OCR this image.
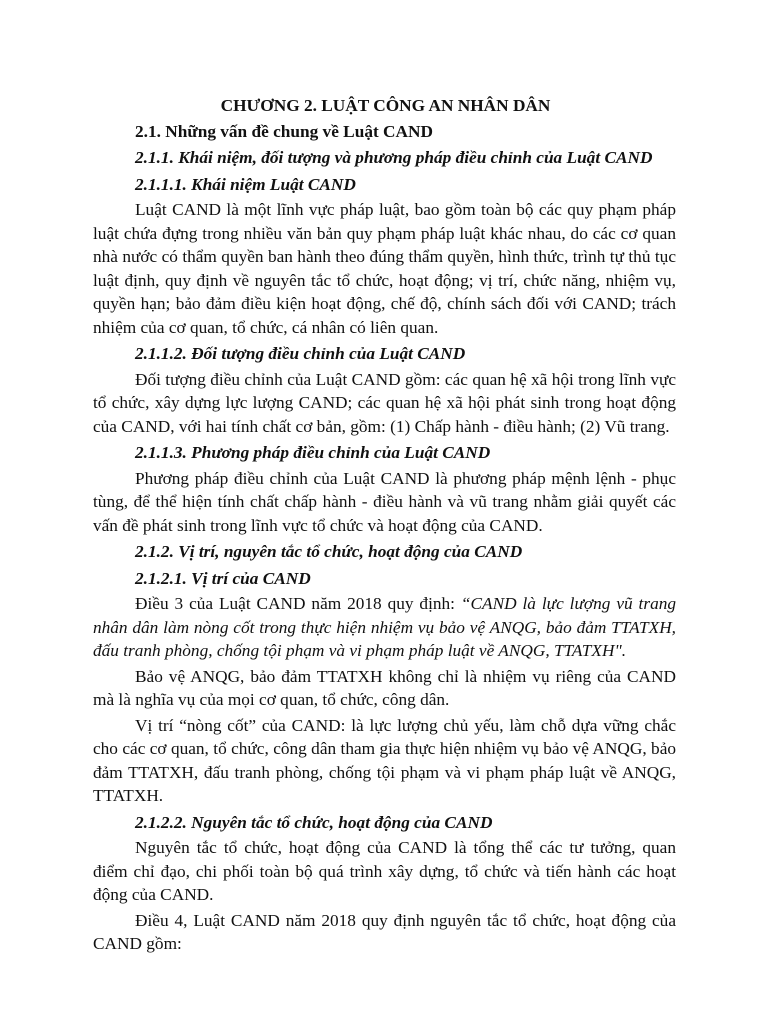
CHƯƠNG 2. LUẬT CÔNG AN NHÂN DÂN
2.1. Những vấn đề chung về Luật CAND
2.1.1. Khái niệm, đối tượng và phương pháp điều chỉnh của Luật CAND
2.1.1.1. Khái niệm Luật CAND
Luật CAND là một lĩnh vực pháp luật, bao gồm toàn bộ các quy phạm pháp luật chứa đựng trong nhiều văn bản quy phạm pháp luật khác nhau, do các cơ quan nhà nước có thẩm quyền ban hành theo đúng thẩm quyền, hình thức, trình tự thủ tục luật định, quy định về nguyên tắc tổ chức, hoạt động; vị trí, chức năng, nhiệm vụ, quyền hạn; bảo đảm điều kiện hoạt động, chế độ, chính sách đối với CAND; trách nhiệm của cơ quan, tổ chức, cá nhân có liên quan.
2.1.1.2. Đối tượng điều chỉnh của Luật CAND
Đối tượng điều chỉnh của Luật CAND gồm: các quan hệ xã hội trong lĩnh vực tổ chức, xây dựng lực lượng CAND; các quan hệ xã hội phát sinh trong hoạt động của CAND, với hai tính chất cơ bản, gồm: (1) Chấp hành - điều hành; (2) Vũ trang.
2.1.1.3. Phương pháp điều chỉnh của Luật CAND
Phương pháp điều chỉnh của Luật CAND là phương pháp mệnh lệnh - phục tùng, để thể hiện tính chất chấp hành - điều hành và vũ trang nhằm giải quyết các vấn đề phát sinh trong lĩnh vực tổ chức và hoạt động của CAND.
2.1.2. Vị trí, nguyên tắc tổ chức, hoạt động của CAND
2.1.2.1. Vị trí của CAND
Điều 3 của Luật CAND năm 2018 quy định: “CAND là lực lượng vũ trang nhân dân làm nòng cốt trong thực hiện nhiệm vụ bảo vệ ANQG, bảo đảm TTATXH, đấu tranh phòng, chống tội phạm và vi phạm pháp luật về ANQG, TTATXH".
Bảo vệ ANQG, bảo đảm TTATXH không chỉ là nhiệm vụ riêng của CAND mà là nghĩa vụ của mọi cơ quan, tổ chức, công dân.
Vị trí “nòng cốt” của CAND: là lực lượng chủ yếu, làm chỗ dựa vững chắc cho các cơ quan, tổ chức, công dân tham gia thực hiện nhiệm vụ bảo vệ ANQG, bảo đảm TTATXH, đấu tranh phòng, chống tội phạm và vi phạm pháp luật về ANQG, TTATXH.
2.1.2.2. Nguyên tắc tổ chức, hoạt động của CAND
Nguyên tắc tổ chức, hoạt động của CAND là tổng thể các tư tưởng, quan điểm chỉ đạo, chi phối toàn bộ quá trình xây dựng, tổ chức và tiến hành các hoạt động của CAND.
Điều 4, Luật CAND năm 2018 quy định nguyên tắc tổ chức, hoạt động của CAND gồm:
